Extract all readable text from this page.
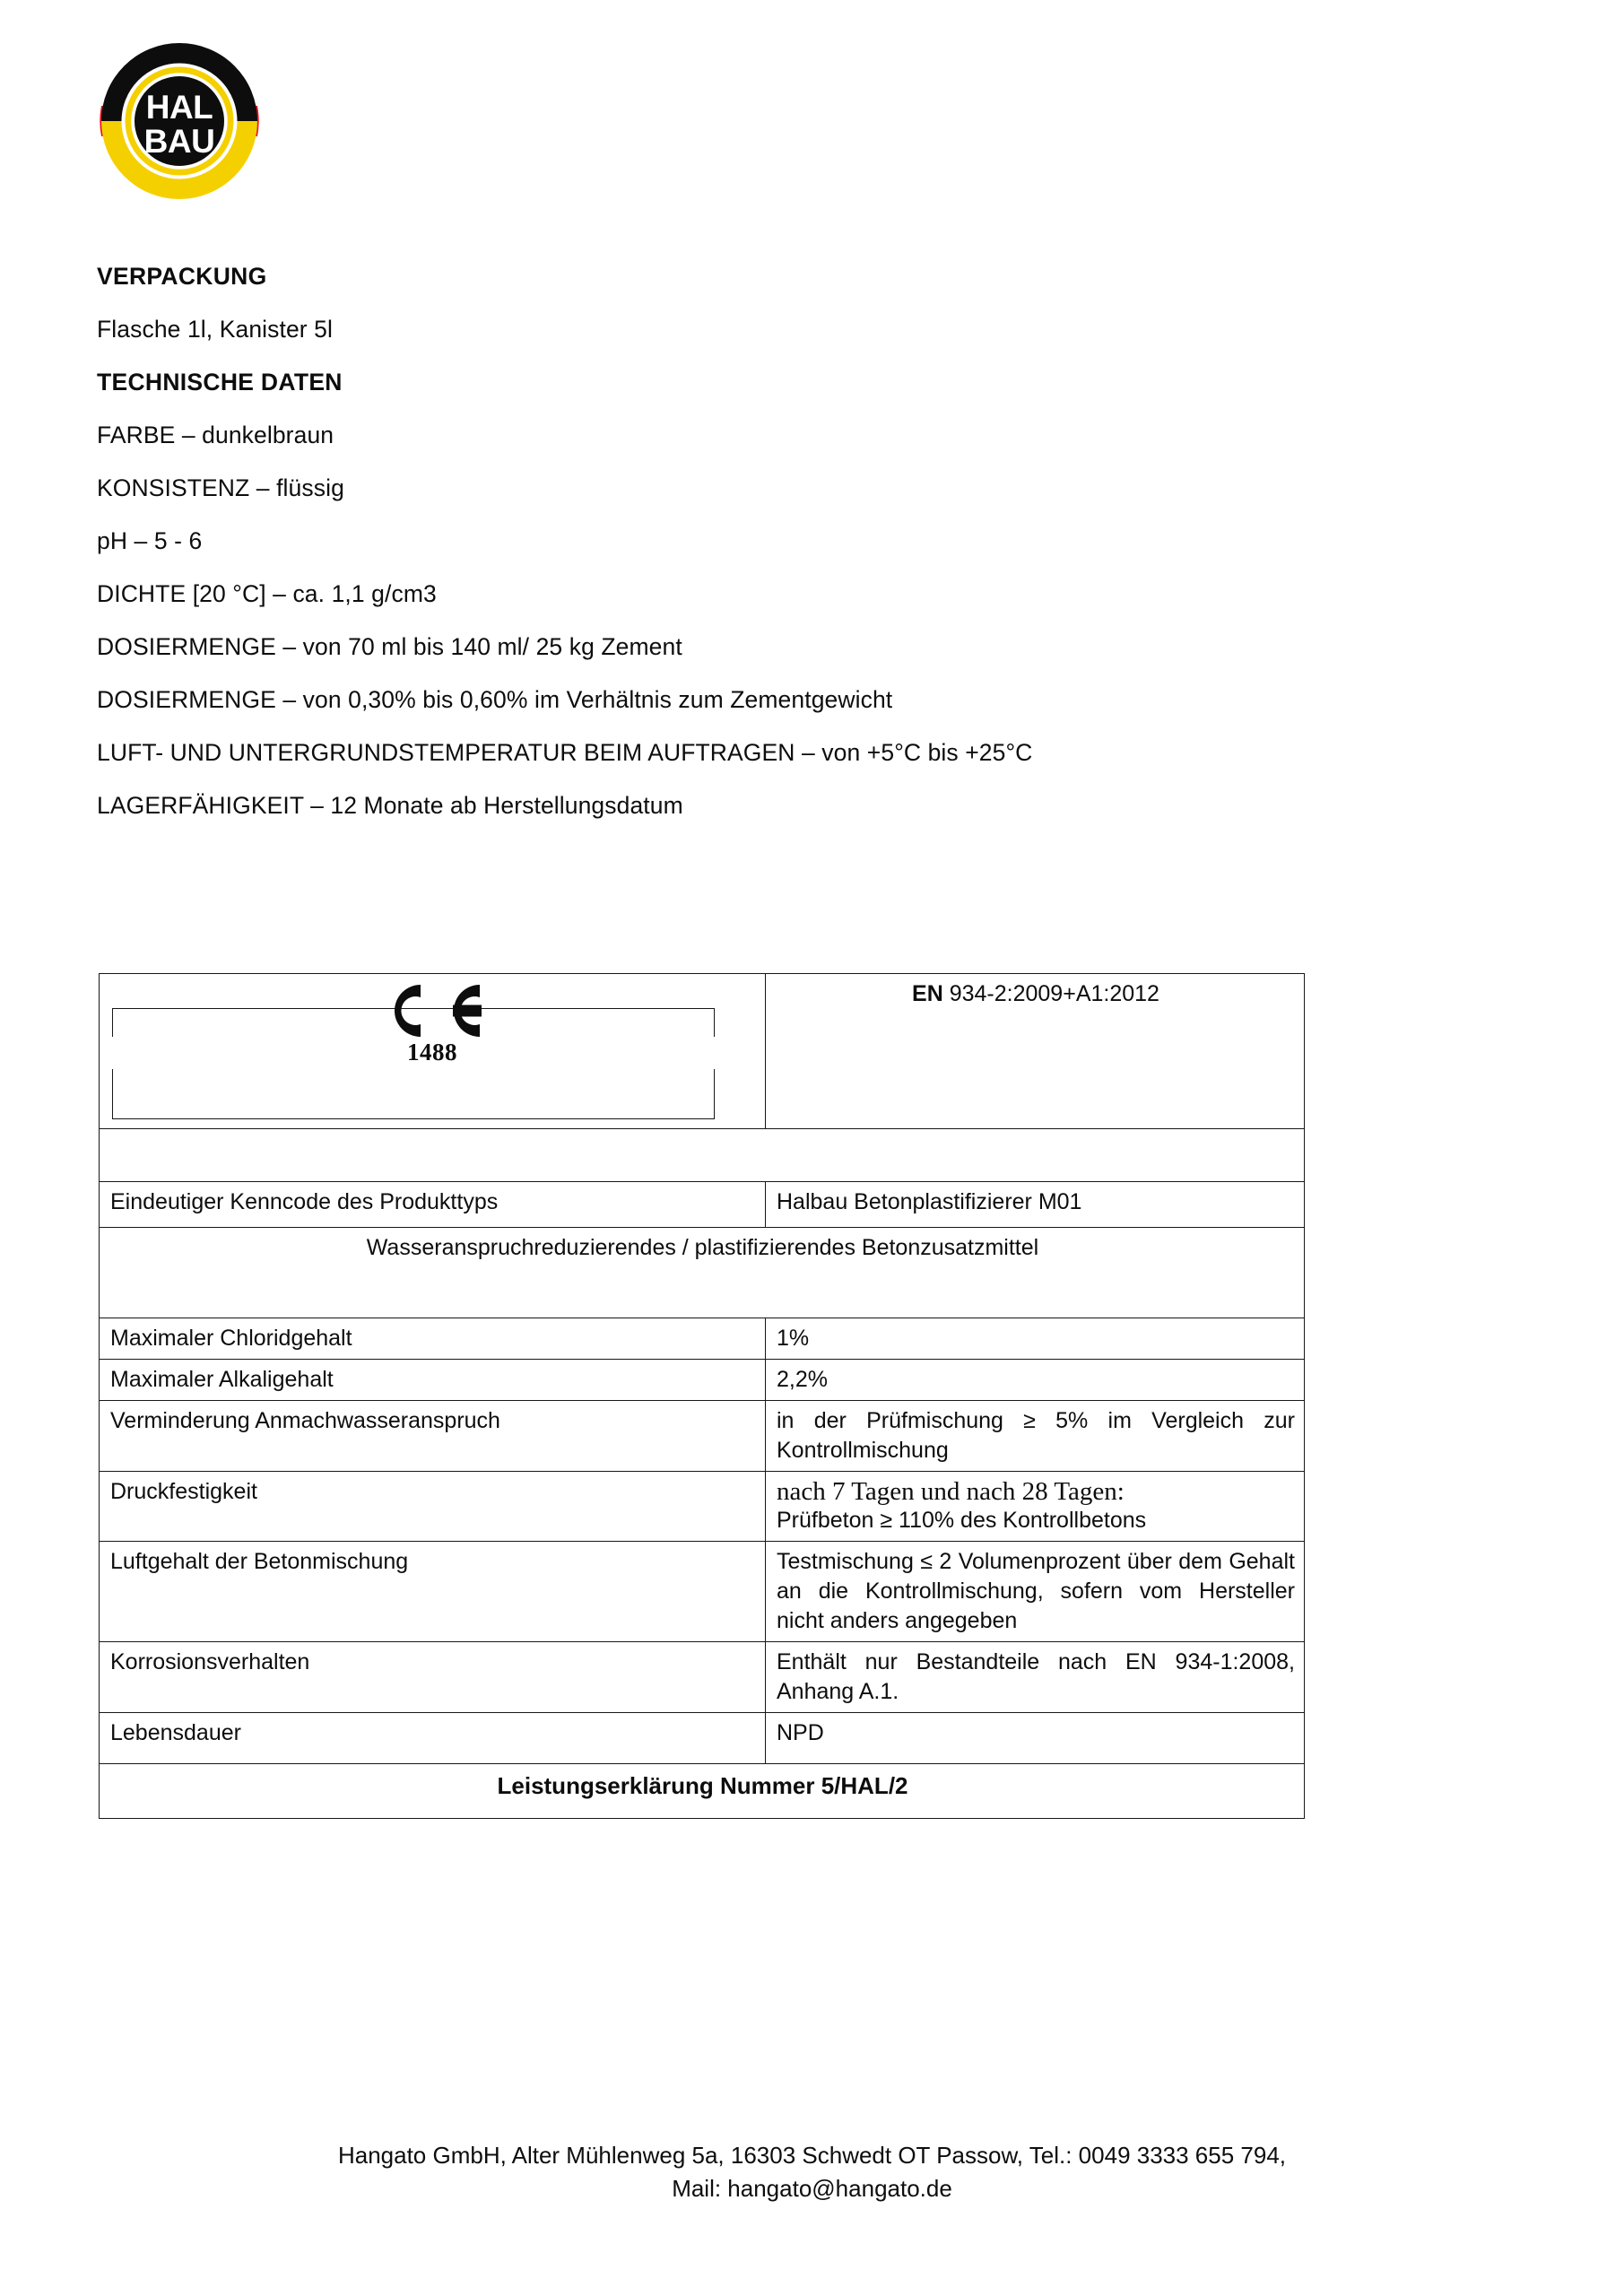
HAL
BAU

VERPACKUNG

Flasche 1l, Kanister 5l

TECHNISCHE DATEN

FARBE – dunkelbraun

KONSISTENZ – flüssig

pH – 5 - 6

DICHTE [20 °C] – ca. 1,1 g/cm3

DOSIERMENGE – von 70 ml bis 140 ml/ 25 kg Zement

DOSIERMENGE – von 0,30% bis 0,60% im Verhältnis zum Zementgewicht

LUFT- UND UNTERGRUNDSTEMPERATUR BEIM AUFTRAGEN – von +5°C bis +25°C

LAGERFÄHIGKEIT – 12 Monate ab Herstellungsdatum

1488	EN 934-2:2009+A1:2012

Eindeutiger Kenncode des Produkttyps	Halbau Betonplastifizierer M01
Wasseranspruchreduzierendes / plastifizierendes Betonzusatzmittel	
Maximaler Chloridgehalt	1%
Maximaler Alkaligehalt	2,2%
Verminderung Anmachwasseranspruch	in der Prüfmischung ≥ 5% im Vergleich zur Kontrollmischung
Druckfestigkeit	nach 7 Tagen und nach 28 Tagen:
Prüfbeton ≥ 110% des Kontrollbetons
Luftgehalt der Betonmischung	Testmischung ≤ 2 Volumenprozent über dem Gehalt an die Kontrollmischung, sofern vom Hersteller nicht anders angegeben
Korrosionsverhalten	Enthält nur Bestandteile nach EN 934-1:2008, Anhang A.1.
Lebensdauer	NPD
Leistungserklärung Nummer 5/HAL/2	
Hangato GmbH, Alter Mühlenweg 5a, 16303 Schwedt OT Passow, Tel.: 0049 3333 655 794,
Mail: hangato@hangato.de
